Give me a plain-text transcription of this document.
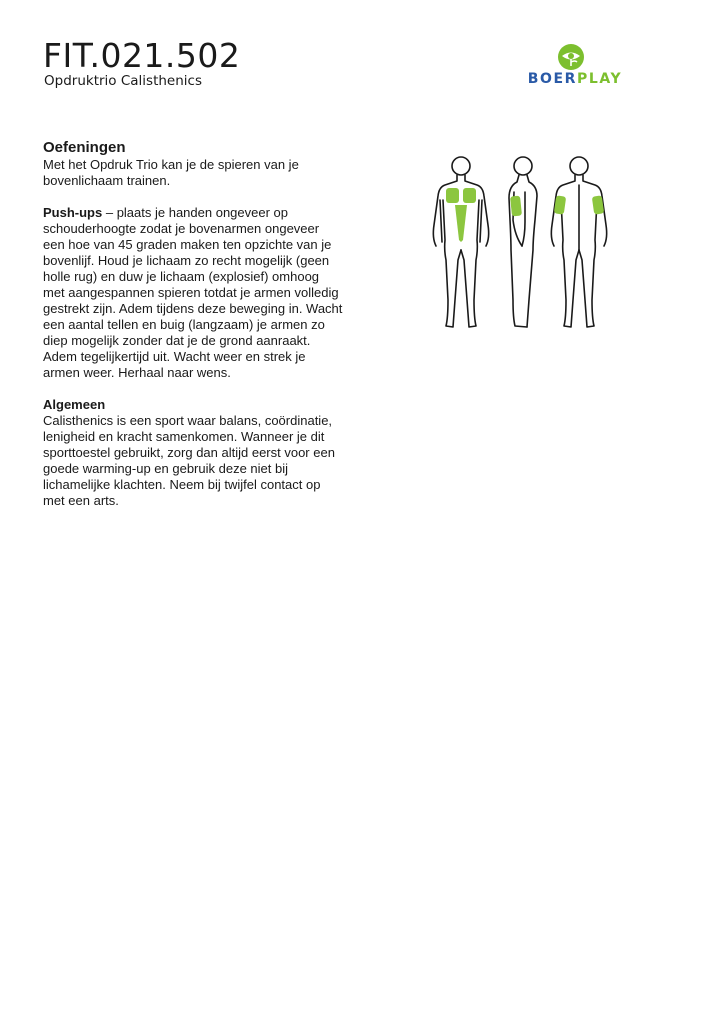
FIT.021.502
Opdruktrio Calisthenics	BOERPLAY
Oefeningen
Met het Opdruk Trio kan je de spieren van je bovenlichaam trainen.
Push-ups – plaats je handen ongeveer op schouderhoogte zodat je bovenarmen ongeveer een hoe van 45 graden maken ten opzichte van je bovenlijf. Houd je lichaam zo recht mogelijk (geen holle rug) en duw je lichaam (explosief) omhoog met aangespannen spieren totdat je armen volledig gestrekt zijn. Adem tijdens deze beweging in. Wacht een aantal tellen en buig (langzaam) je armen zo diep mogelijk zonder dat je de grond aanraakt. Adem tegelijkertijd uit. Wacht weer en strek je armen weer. Herhaal naar wens.
Algemeen
Calisthenics is een sport waar balans, coördinatie, lenigheid en kracht samenkomen. Wanneer je dit sporttoestel gebruikt, zorg dan altijd eerst voor een goede warming-up en gebruik deze niet bij lichamelijke klachten. Neem bij twijfel contact op met een arts.
